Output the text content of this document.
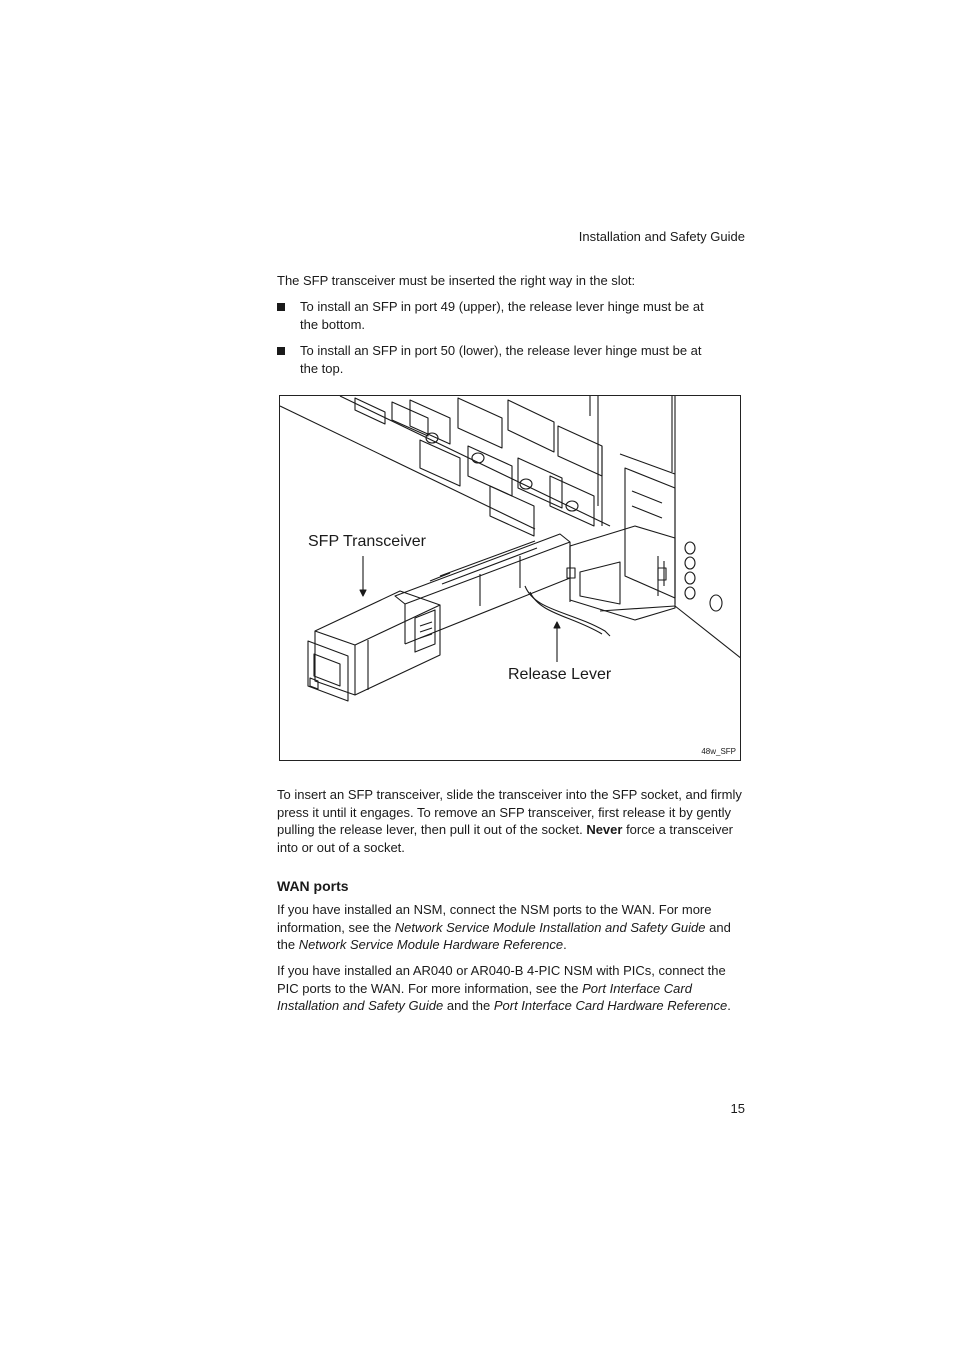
Installation and Safety Guide
The SFP transceiver must be inserted the right way in the slot:
To install an SFP in port 49 (upper), the release lever hinge must be at the bottom.
To install an SFP in port 50 (lower), the release lever hinge must be at the top.
SFP Transceiver
Release Lever
48w_SFP
To insert an SFP transceiver, slide the transceiver into the SFP socket, and firmly press it until it engages. To remove an SFP transceiver, first release it by gently pulling the release lever, then pull it out of the socket. Never force a transceiver into or out of a socket.
WAN ports
If you have installed an NSM, connect the NSM ports to the WAN. For more information, see the Network Service Module Installation and Safety Guide and the Network Service Module Hardware Reference.
If you have installed an AR040 or AR040-B 4-PIC NSM with PICs, connect the PIC ports to the WAN. For more information, see the Port Interface Card Installation and Safety Guide and the Port Interface Card Hardware Reference.
15
